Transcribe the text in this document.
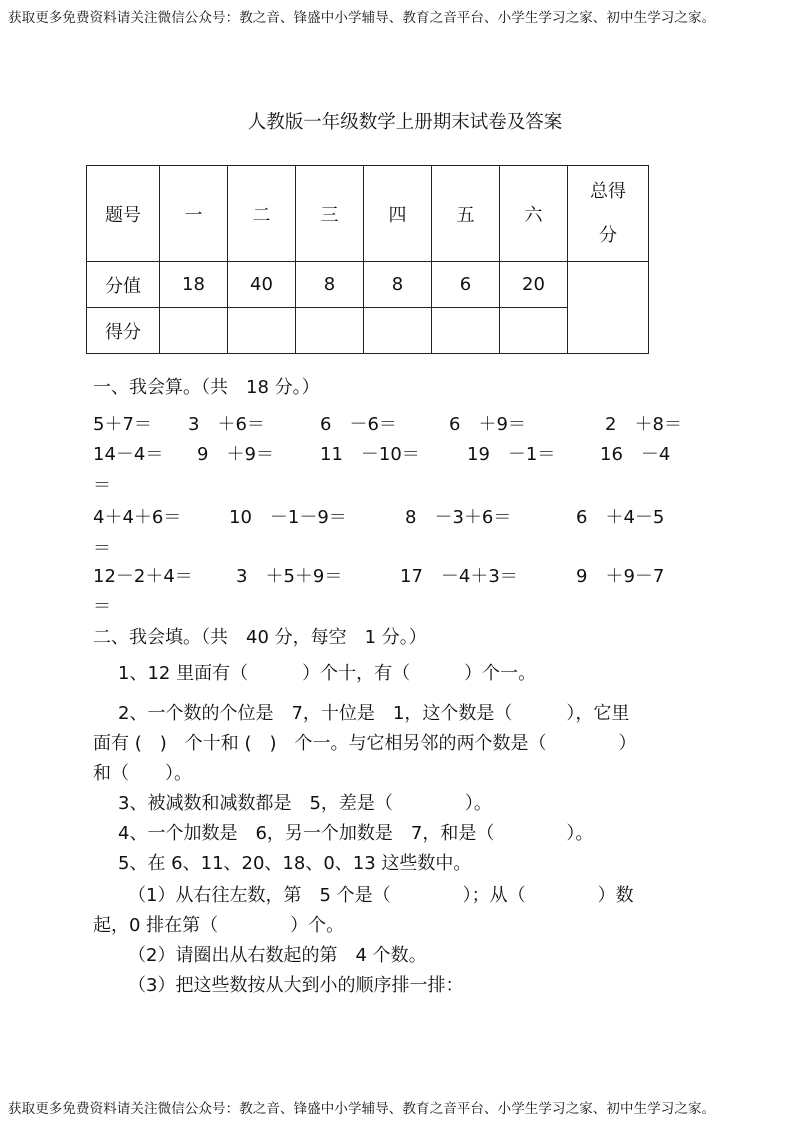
获取更多免费资料请关注微信公众号：教之音、锋盛中小学辅导、教育之音平台、小学生学习之家、初中生学习之家。
人教版一年级数学上册期末试卷及答案
题号	一	二	三	四	五	六	总得
分

分值	18	40	8	8	6	20	
得分							
一、我会算。（共　18 分。）
5＋7＝ 3　＋6＝	6　－6＝	6　＋9＝	2　＋8＝
14－4＝ 9　＋9＝	11　－10＝	19　－1＝ 16　－4
＝
4＋4＋6＝	10　－1－9＝	8　－3＋6＝	6　＋4－5
＝
12－2＋4＝ 3　＋5＋9＝	17　－4＋3＝	9　＋9－7
＝
二、我会填。（共　40 分，每空　1 分。）
1、12 里面有（　　　）个十，有（　　　）个一。
2、一个数的个位是　7，十位是　1，这个数是（　　　），它里
面有 (　)　个十和 (　)　个一。与它相另邻的两个数是（　　　　）
和（　　）。
3、被减数和减数都是　5，差是（　　　　）。
4、一个加数是　6，另一个加数是　7，和是（　　　　）。
5、在 6、11、20、18、0、13 这些数中。
（1）从右往左数，第　5 个是（　　　　）；从（　　　　）数
起，0 排在第（　　　　）个。
（2）请圈出从右数起的第　4 个数。
（3）把这些数按从大到小的顺序排一排：
获取更多免费资料请关注微信公众号：教之音、锋盛中小学辅导、教育之音平台、小学生学习之家、初中生学习之家。
